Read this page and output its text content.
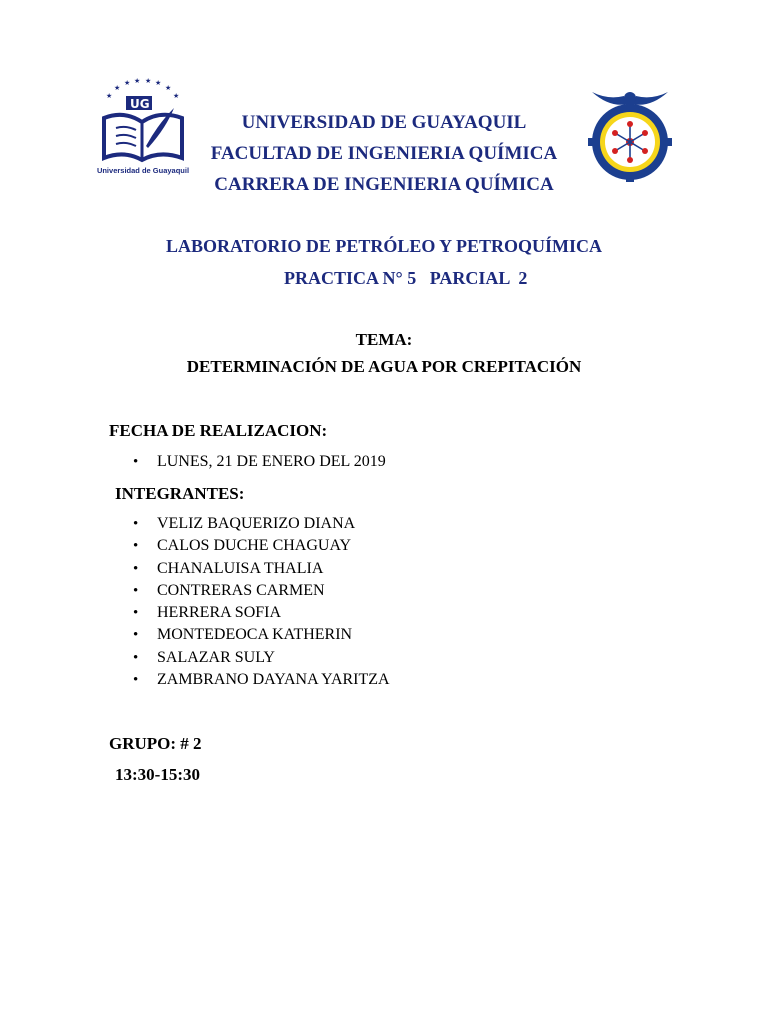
★
★
★ ★ ★ ★
★
★
UG
Universidad de Guayaquil
UNIVERSIDAD DE GUAYAQUIL
FACULTAD DE INGENIERIA QUÍMICA
CARRERA DE INGENIERIA QUÍMICA
LABORATORIO DE PETRÓLEO Y PETROQUÍMICA
PRACTICA N° 5   PARCIAL  2
TEMA:
DETERMINACIÓN DE AGUA POR CREPITACIÓN
FECHA DE REALIZACION:
• LUNES, 21 DE ENERO DEL 2019
INTEGRANTES:
• VELIZ BAQUERIZO DIANA
• CALOS DUCHE CHAGUAY
• CHANALUISA THALIA
• CONTRERAS CARMEN
• HERRERA SOFIA
• MONTEDEOCA KATHERIN
• SALAZAR SULY
• ZAMBRANO DAYANA YARITZA
GRUPO: # 2
13:30-15:30
